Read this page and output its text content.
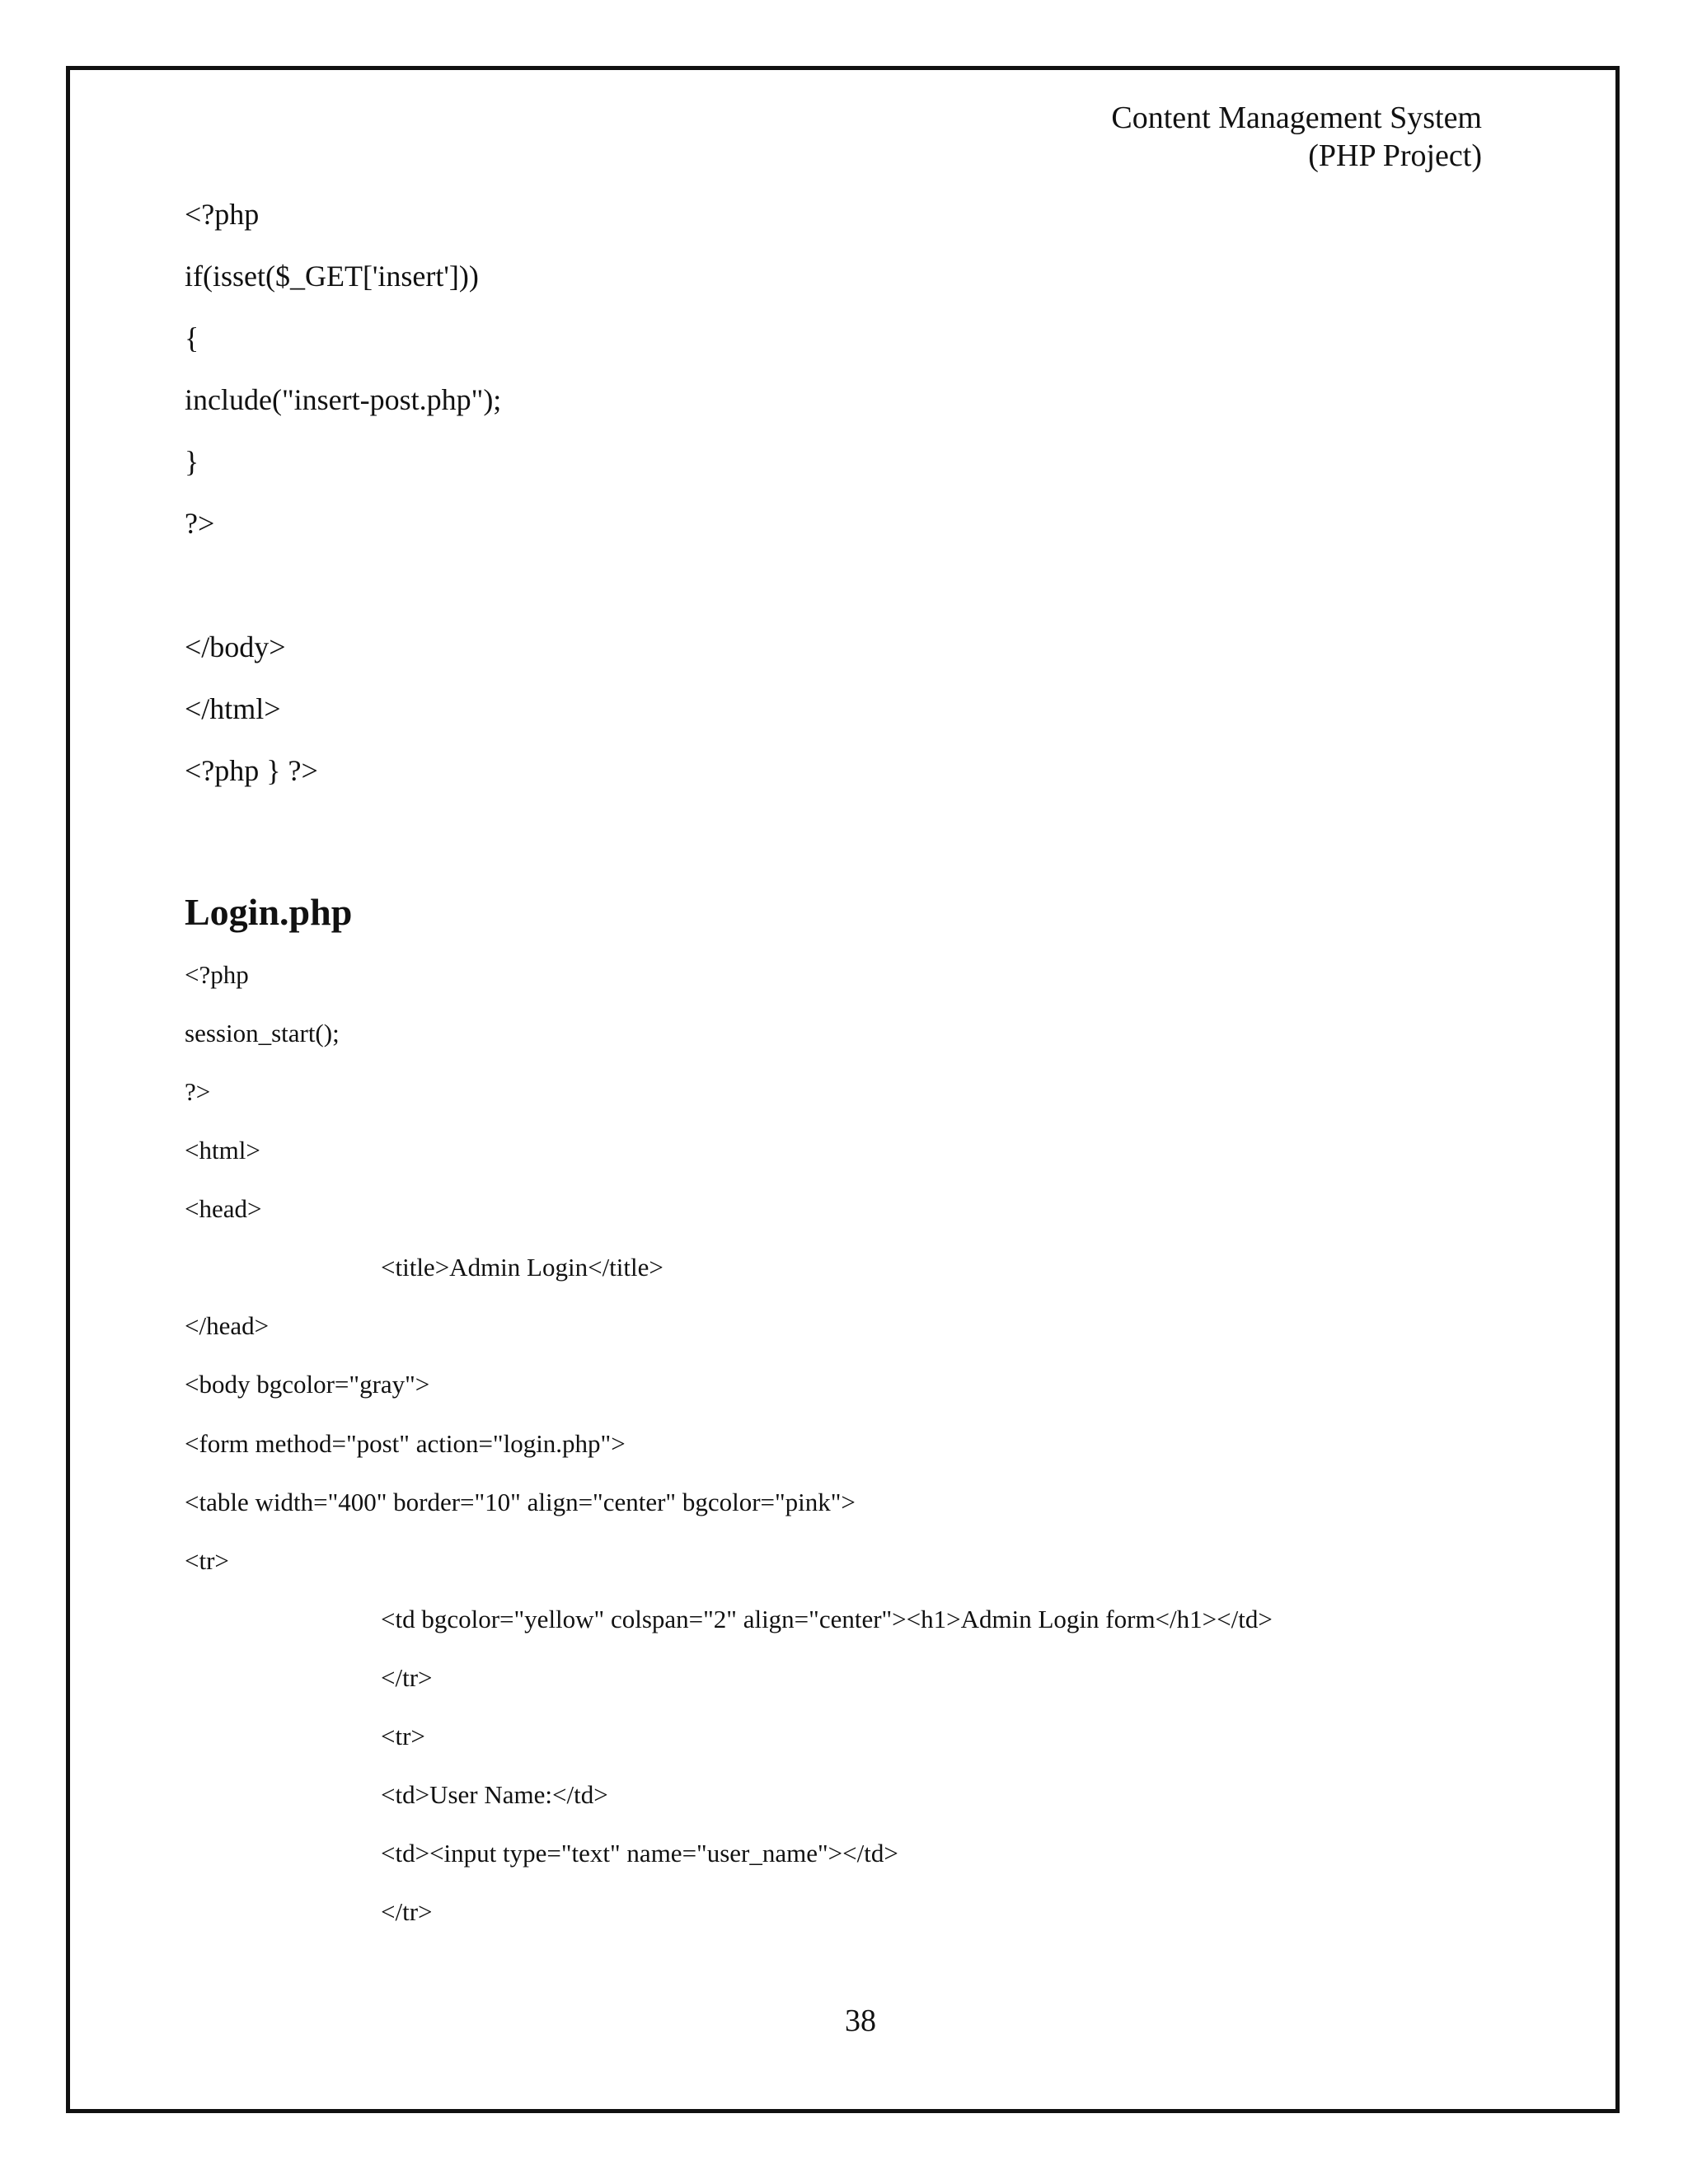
Content Management System
(PHP Project)
<?php
if(isset($_GET['insert']))
{
include("insert-post.php");
}
?>
</body>
</html>
<?php } ?>
Login.php
<?php
session_start();
?>
<html>
<head>
<title>Admin Login</title>
</head>
<body bgcolor="gray">
<form method="post" action="login.php">
<table width="400" border="10" align="center" bgcolor="pink">
<tr>
<td bgcolor="yellow" colspan="2" align="center"><h1>Admin Login form</h1></td>
</tr>
<tr>
<td>User Name:</td>
<td><input type="text" name="user_name"></td>
</tr>
38
